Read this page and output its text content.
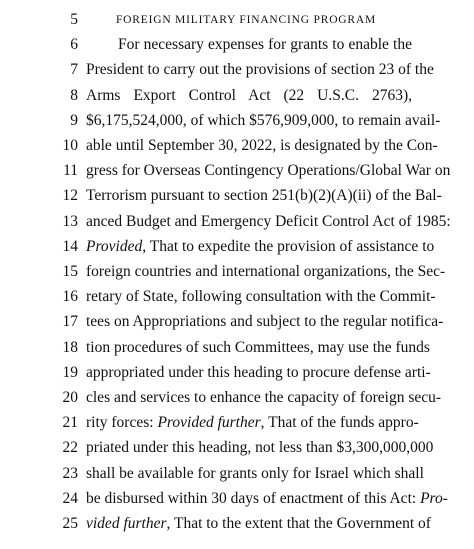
5	FOREIGN MILITARY FINANCING PROGRAM
6	For necessary expenses for grants to enable the
7 President to carry out the provisions of section 23 of the
8 Arms Export Control Act (22 U.S.C. 2763),
9 $6,175,524,000, of which $576,909,000, to remain avail-
10 able until September 30, 2022, is designated by the Con-
11 gress for Overseas Contingency Operations/Global War on
12 Terrorism pursuant to section 251(b)(2)(A)(ii) of the Bal-
13 anced Budget and Emergency Deficit Control Act of 1985:
14 Provided, That to expedite the provision of assistance to
15 foreign countries and international organizations, the Sec-
16 retary of State, following consultation with the Commit-
17 tees on Appropriations and subject to the regular notifica-
18 tion procedures of such Committees, may use the funds
19 appropriated under this heading to procure defense arti-
20 cles and services to enhance the capacity of foreign secu-
21 rity forces: Provided further, That of the funds appro-
22 priated under this heading, not less than $3,300,000,000
23 shall be available for grants only for Israel which shall
24 be disbursed within 30 days of enactment of this Act: Pro-
25 vided further, That to the extent that the Government of
